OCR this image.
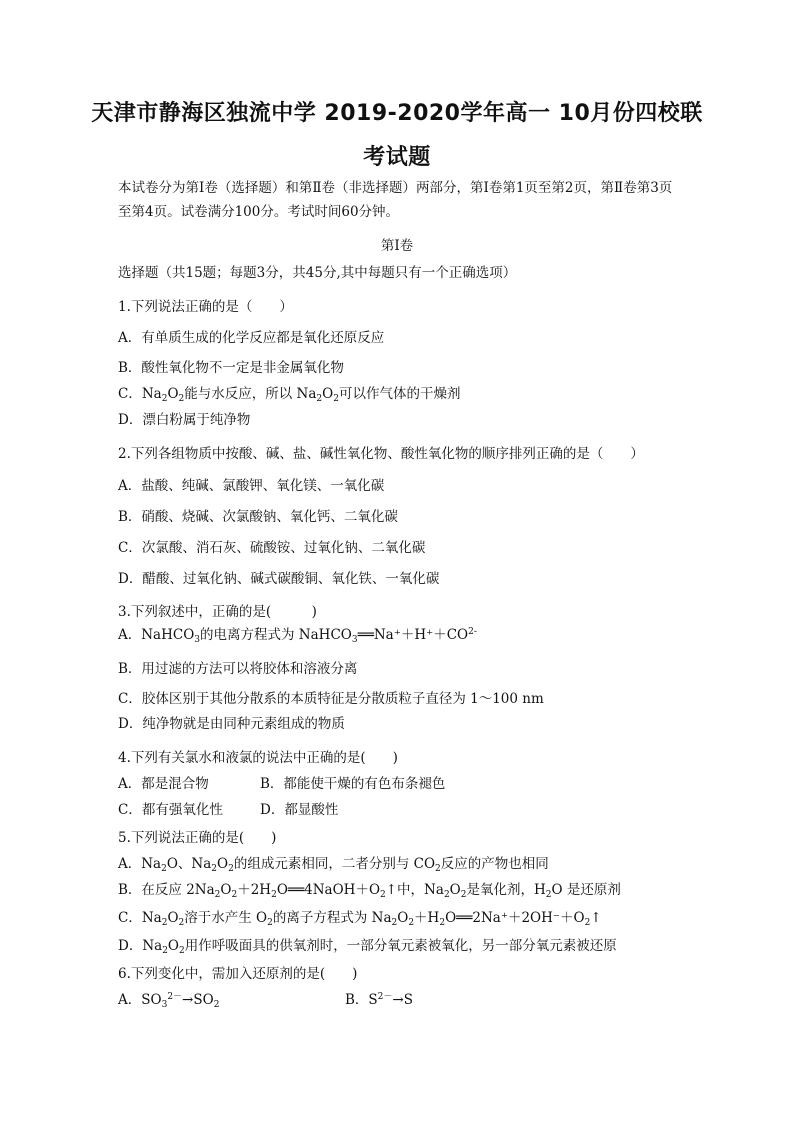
天津市静海区独流中学 2019-2020学年高一 10月份四校联
考试题
本试卷分为第Ⅰ卷（选择题）和第Ⅱ卷（非选择题）两部分，第Ⅰ卷第1页至第2页，第Ⅱ卷第3页至第4页。试卷满分100分。考试时间60分钟。
第Ⅰ卷
选择题（共15题；每题3分，共45分,其中每题只有一个正确选项）
1.下列说法正确的是（　　）
A．有单质生成的化学反应都是氧化还原反应
B．酸性氧化物不一定是非金属氧化物
C．$Na_2O_2$能与水反应，所以 $Na_2O_2$可以作气体的干燥剂
D．漂白粉属于纯净物
2.下列各组物质中按酸、碱、盐、碱性氧化物、酸性氧化物的顺序排列正确的是（　　）
A．盐酸、纯碱、氯酸钾、氧化镁、一氧化碳
B．硝酸、烧碱、次氯酸钠、氧化钙、二氧化碳
C．次氯酸、消石灰、硫酸铵、过氧化钠、二氧化碳
D．醋酸、过氧化钠、碱式碳酸铜、氧化铁、一氧化碳
3.下列叙述中，正确的是(　　　)
A．NaHCO$_3$的电离方程式为 $NaHCO_3══Na^++H^++CO^{2-}$
B．用过滤的方法可以将胶体和溶液分离
C．胶体区别于其他分散系的本质特征是分散质粒子直径为 1～100 nm
D．纯净物就是由同种元素组成的物质
4.下列有关氯水和液氯的说法中正确的是(　　)
A．都是混合物	B．都能使干燥的有色布条褪色
C．都有强氧化性	D．都显酸性
5.下列说法正确的是(　　)
A．$Na_2O$、$Na_2O_2$的组成元素相同，二者分别与 $CO_2$反应的产物也相同
B．在反应 $2Na_2O_2+2H_2O══4NaOH+O_2↑$中，$Na_2O_2$是氧化剂，$H_2O$ 是还原剂
C．$Na_2O_2$溶于水产生 $O_2$的离子方程式为 $Na_2O_2+H_2O══2Na^++2OH^-+O_2↑$
D．$Na_2O_2$用作呼吸面具的供氧剂时，一部分氧元素被氧化，另一部分氧元素被还原
6.下列变化中，需加入还原剂的是(　　)
A．$SO_3^{2-}\to SO_2$	B．$S^{2-}\to S$
